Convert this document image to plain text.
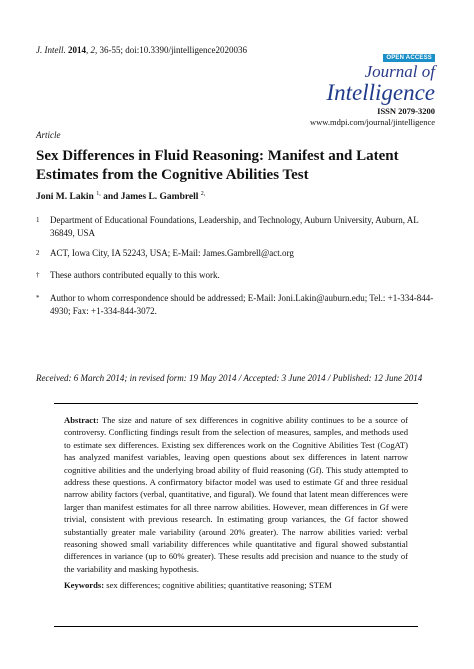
J. Intell. 2014, 2, 36-55; doi:10.3390/jintelligence2020036
OPEN ACCESS
Journal of
Intelligence
ISSN 2079-3200
www.mdpi.com/journal/jintelligence
Article
Sex Differences in Fluid Reasoning: Manifest and Latent Estimates from the Cognitive Abilities Test
Joni M. Lakin $^{1,}$ and James L. Gambrell $^{2,}$
1 Department of Educational Foundations, Leadership, and Technology, Auburn University, Auburn, AL 36849, USA
2 ACT, Iowa City, IA 52243, USA; E-Mail: James.Gambrell@act.org
† These authors contributed equally to this work.
* Author to whom correspondence should be addressed; E-Mail: Joni.Lakin@auburn.edu; Tel.: +1-334-844-4930; Fax: +1-334-844-3072.
Received: 6 March 2014; in revised form: 19 May 2014 / Accepted: 3 June 2014 / Published: 12 June 2014
Abstract: The size and nature of sex differences in cognitive ability continues to be a source of controversy. Conflicting findings result from the selection of measures, samples, and methods used to estimate sex differences. Existing sex differences work on the Cognitive Abilities Test (CogAT) has analyzed manifest variables, leaving open questions about sex differences in latent narrow cognitive abilities and the underlying broad ability of fluid reasoning (Gf). This study attempted to address these questions. A confirmatory bifactor model was used to estimate Gf and three residual narrow ability factors (verbal, quantitative, and figural). We found that latent mean differences were larger than manifest estimates for all three narrow abilities. However, mean differences in Gf were trivial, consistent with previous research. In estimating group variances, the Gf factor showed substantially greater male variability (around 20% greater). The narrow abilities varied: verbal reasoning showed small variability differences while quantitative and figural showed substantial differences in variance (up to 60% greater). These results add precision and nuance to the study of the variability and masking hypothesis.
Keywords: sex differences; cognitive abilities; quantitative reasoning; STEM
